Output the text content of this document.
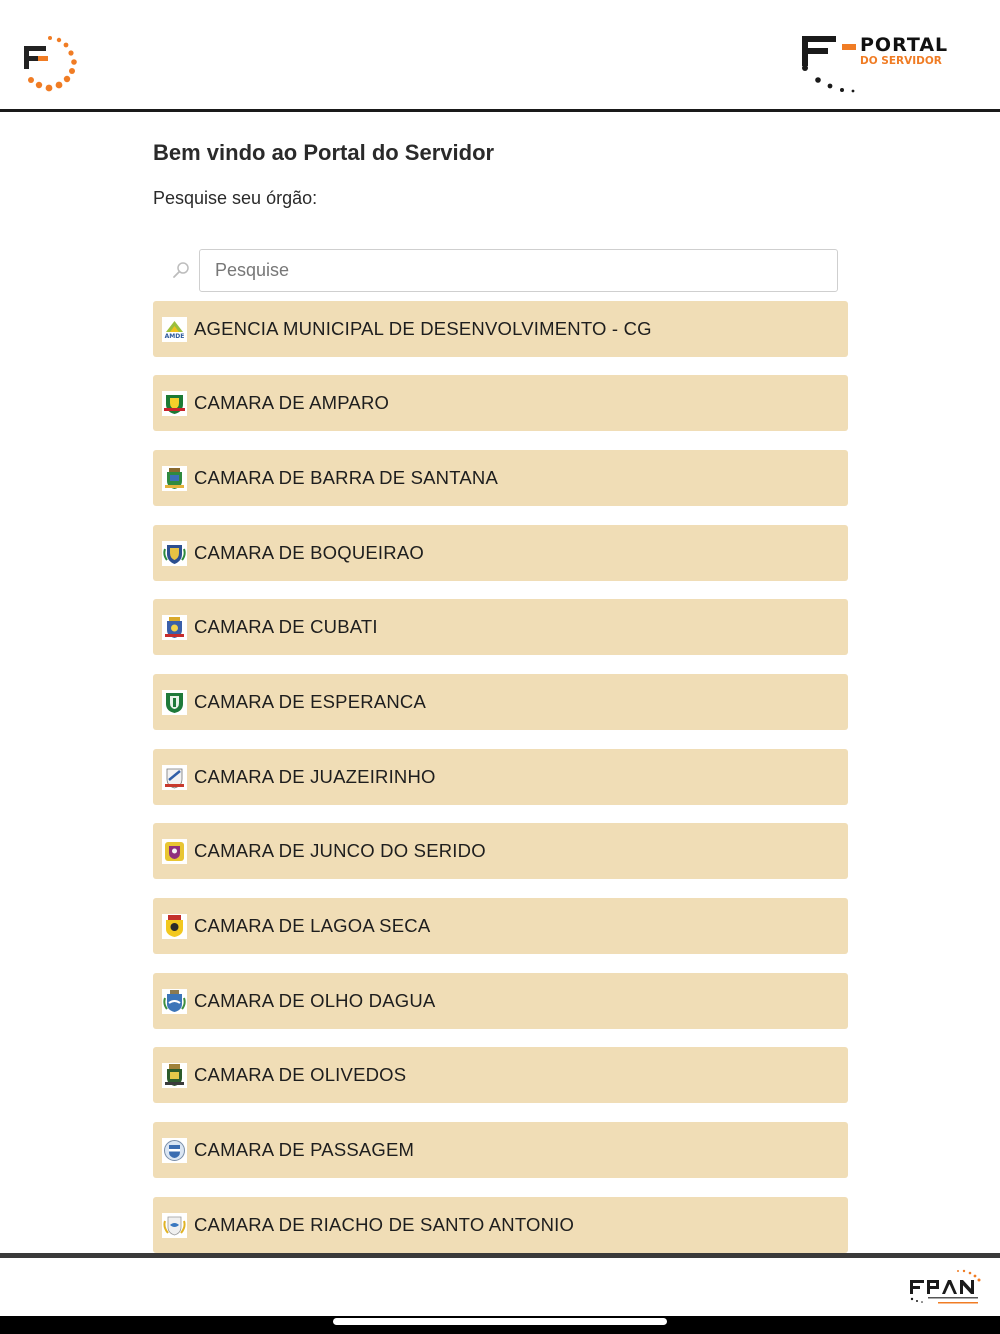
PORTAL
DO SERVIDOR
Bem vindo ao Portal do Servidor

Pesquise seu órgão:

Pesquise
AMDE AGENCIA MUNICIPAL DE DESENVOLVIMENTO - CG
CAMARA DE AMPARO
CAMARA DE BARRA DE SANTANA
CAMARA DE BOQUEIRAO
CAMARA DE CUBATI
CAMARA DE ESPERANCA
CAMARA DE JUAZEIRINHO
CAMARA DE JUNCO DO SERIDO
CAMARA DE LAGOA SECA
CAMARA DE OLHO DAGUA
CAMARA DE OLIVEDOS
CAMARA DE PASSAGEM
CAMARA DE RIACHO DE SANTO ANTONIO
